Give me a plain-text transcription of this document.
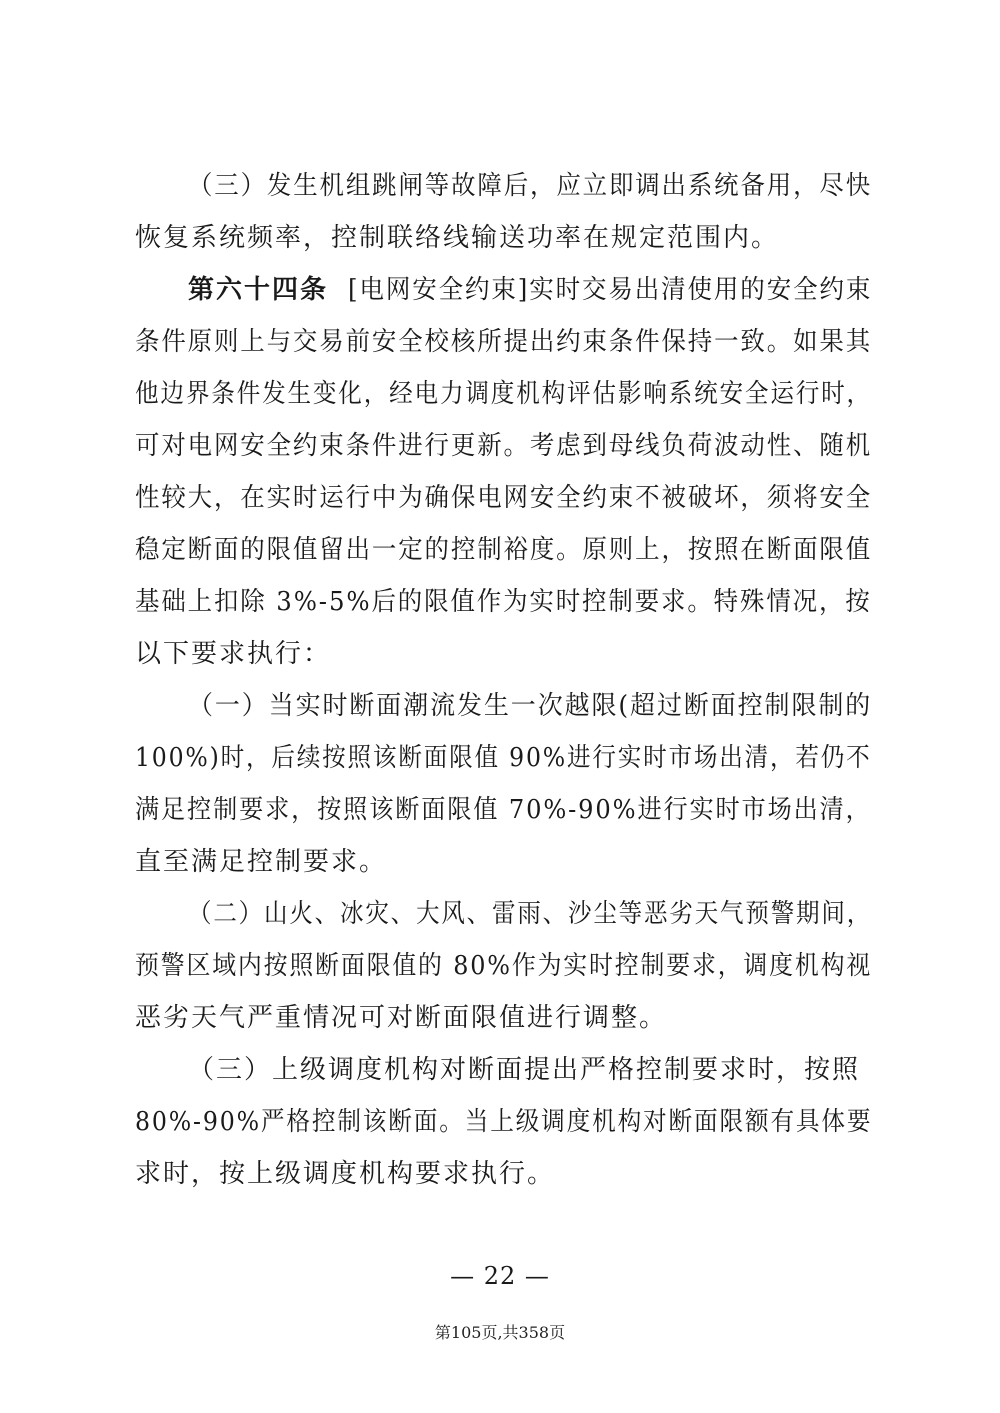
（三）发生机组跳闸等故障后，应立即调出系统备用，尽快
恢复系统频率，控制联络线输送功率在规定范围内。
第六十四条 [电网安全约束]实时交易出清使用的安全约束
条件原则上与交易前安全校核所提出约束条件保持一致。如果其
他边界条件发生变化，经电力调度机构评估影响系统安全运行时，
可对电网安全约束条件进行更新。考虑到母线负荷波动性、随机
性较大，在实时运行中为确保电网安全约束不被破坏，须将安全
稳定断面的限值留出一定的控制裕度。原则上，按照在断面限值
基础上扣除 3%-5%后的限值作为实时控制要求。特殊情况，按
以下要求执行：
（一）当实时断面潮流发生一次越限(超过断面控制限制的
100%)时，后续按照该断面限值 90%进行实时市场出清，若仍不
满足控制要求，按照该断面限值 70%-90%进行实时市场出清，
直至满足控制要求。
（二）山火、冰灾、大风、雷雨、沙尘等恶劣天气预警期间，
预警区域内按照断面限值的 80%作为实时控制要求，调度机构视
恶劣天气严重情况可对断面限值进行调整。
（三）上级调度机构对断面提出严格控制要求时，按照
80%-90%严格控制该断面。当上级调度机构对断面限额有具体要
求时，按上级调度机构要求执行。
— 22 —
第105页,共358页
